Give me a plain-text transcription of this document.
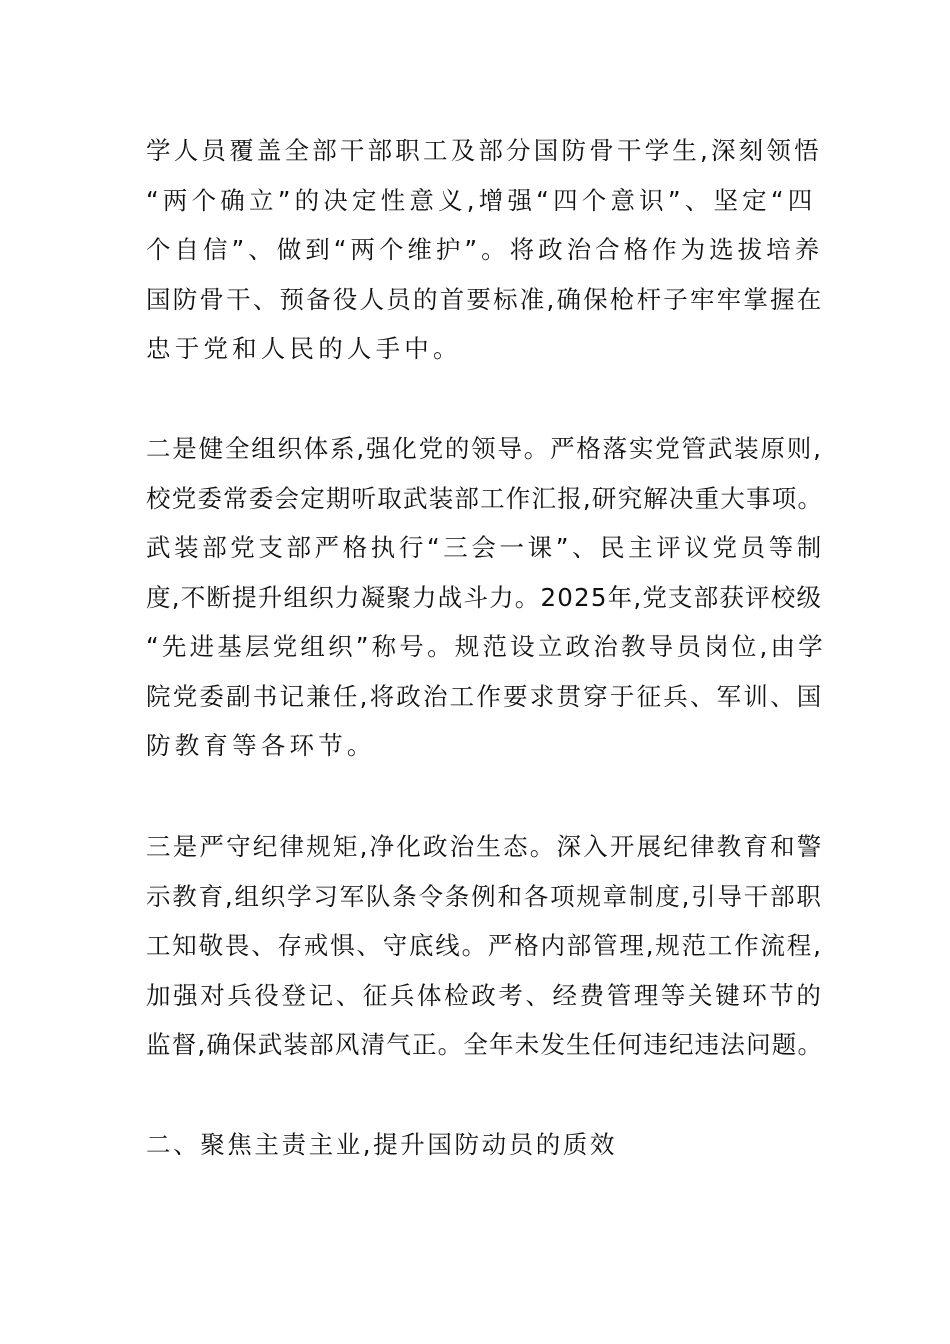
学人员覆盖全部干部职工及部分国防骨干学生,深刻领悟
“两个确立”的决定性意义,增强“四个意识”、坚定“四
个自信”、做到“两个维护”。将政治合格作为选拔培养
国防骨干、预备役人员的首要标准,确保枪杆子牢牢掌握在
忠于党和人民的人手中。
二是健全组织体系,强化党的领导。严格落实党管武装原则,
校党委常委会定期听取武装部工作汇报,研究解决重大事项。
武装部党支部严格执行“三会一课”、民主评议党员等制
度,不断提升组织力凝聚力战斗力。2025年,党支部获评校级
“先进基层党组织”称号。规范设立政治教导员岗位,由学
院党委副书记兼任,将政治工作要求贯穿于征兵、军训、国
防教育等各环节。
三是严守纪律规矩,净化政治生态。深入开展纪律教育和警
示教育,组织学习军队条令条例和各项规章制度,引导干部职
工知敬畏、存戒惧、守底线。严格内部管理,规范工作流程,
加强对兵役登记、征兵体检政考、经费管理等关键环节的
监督,确保武装部风清气正。全年未发生任何违纪违法问题。
二、聚焦主责主业,提升国防动员的质效
